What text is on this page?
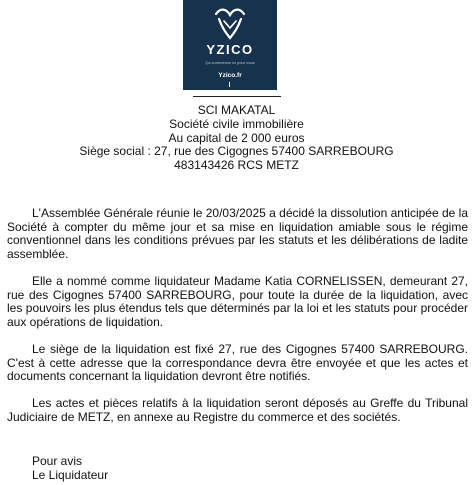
YZICO
Ça commence ici pour vous
Yzico.fr
SCI MAKATAL
Société civile immobilière
Au capital de 2 000 euros
Siège social : 27, rue des Cigognes 57400 SARREBOURG
483143426 RCS METZ

L'Assemblée Générale réunie le 20/03/2025 a décidé la dissolution anticipée de la Société à compter du même jour et sa mise en liquidation amiable sous le régime conventionnel dans les conditions prévues par les statuts et les délibérations de ladite assemblée.

Elle a nommé comme liquidateur Madame Katia CORNELISSEN, demeurant 27, rue des Cigognes 57400 SARREBOURG, pour toute la durée de la liquidation, avec les pouvoirs les plus étendus tels que déterminés par la loi et les statuts pour procéder aux opérations de liquidation.

Le siège de la liquidation est fixé 27, rue des Cigognes 57400 SARREBOURG. C'est à cette adresse que la correspondance devra être envoyée et que les actes et documents concernant la liquidation devront être notifiés.

Les actes et pièces relatifs à la liquidation seront déposés au Greffe du Tribunal Judiciaire de METZ, en annexe au Registre du commerce et des sociétés.

Pour avis
Le Liquidateur
